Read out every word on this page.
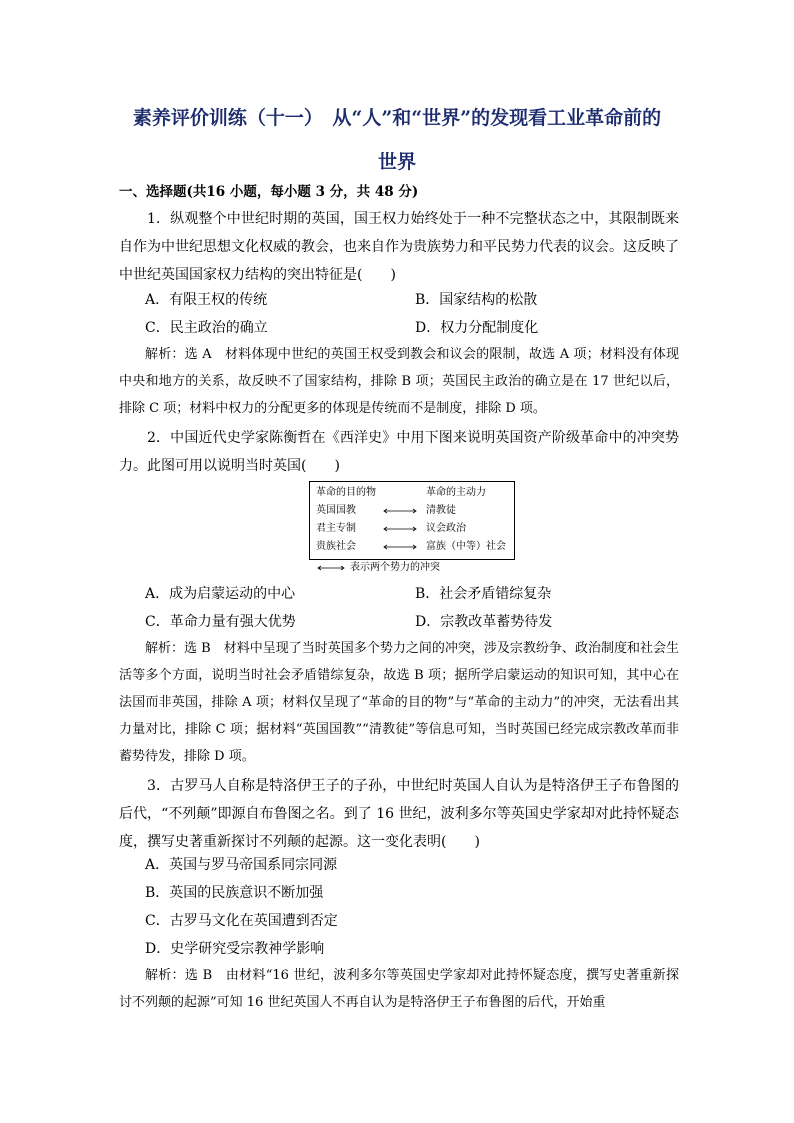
素养评价训练（十一）　从“人”和“世界”的发现看工业革命前的
世界
一、选择题(共16 小题，每小题 3 分，共 48 分)

1．纵观整个中世纪时期的英国，国王权力始终处于一种不完整状态之中，其限制既来自作为中世纪思想文化权威的教会，也来自作为贵族势力和平民势力代表的议会。这反映了中世纪英国国家权力结构的突出特征是(　　)

A．有限王权的传统	B．国家结构的松散
C．民主政治的确立	D．权力分配制度化

解析：选 A　材料体现中世纪的英国王权受到教会和议会的限制，故选 A 项；材料没有体现中央和地方的关系，故反映不了国家结构，排除 B 项；英国民主政治的确立是在 17 世纪以后，排除 C 项；材料中权力的分配更多的体现是传统而不是制度，排除 D 项。

2．中国近代史学家陈衡哲在《西洋史》中用下图来说明英国资产阶级革命中的冲突势力。此图可用以说明当时英国(　　)

革命的目的物	革命的主动力
英国国教	清教徒
君主专制	议会政治
贵族社会	富族（中等）社会
表示两个势力的冲突
A．成为启蒙运动的中心	B．社会矛盾错综复杂
C．革命力量有强大优势	D．宗教改革蓄势待发

解析：选 B　材料中呈现了当时英国多个势力之间的冲突，涉及宗教纷争、政治制度和社会生活等多个方面，说明当时社会矛盾错综复杂，故选 B 项；据所学启蒙运动的知识可知，其中心在法国而非英国，排除 A 项；材料仅呈现了“革命的目的物”与“革命的主动力”的冲突，无法看出其力量对比，排除 C 项；据材料“英国国教”“清教徒”等信息可知，当时英国已经完成宗教改革而非蓄势待发，排除 D 项。

3．古罗马人自称是特洛伊王子的子孙，中世纪时英国人自认为是特洛伊王子布鲁图的后代，“不列颠”即源自布鲁图之名。到了 16 世纪，波利多尔等英国史学家却对此持怀疑态度，撰写史著重新探讨不列颠的起源。这一变化表明(　　)

A．英国与罗马帝国系同宗同源
B．英国的民族意识不断加强
C．古罗马文化在英国遭到否定
D．史学研究受宗教神学影响

解析：选 B　由材料“16 世纪，波利多尔等英国史学家却对此持怀疑态度，撰写史著重新探讨不列颠的起源”可知 16 世纪英国人不再自认为是特洛伊王子布鲁图的后代，开始重
